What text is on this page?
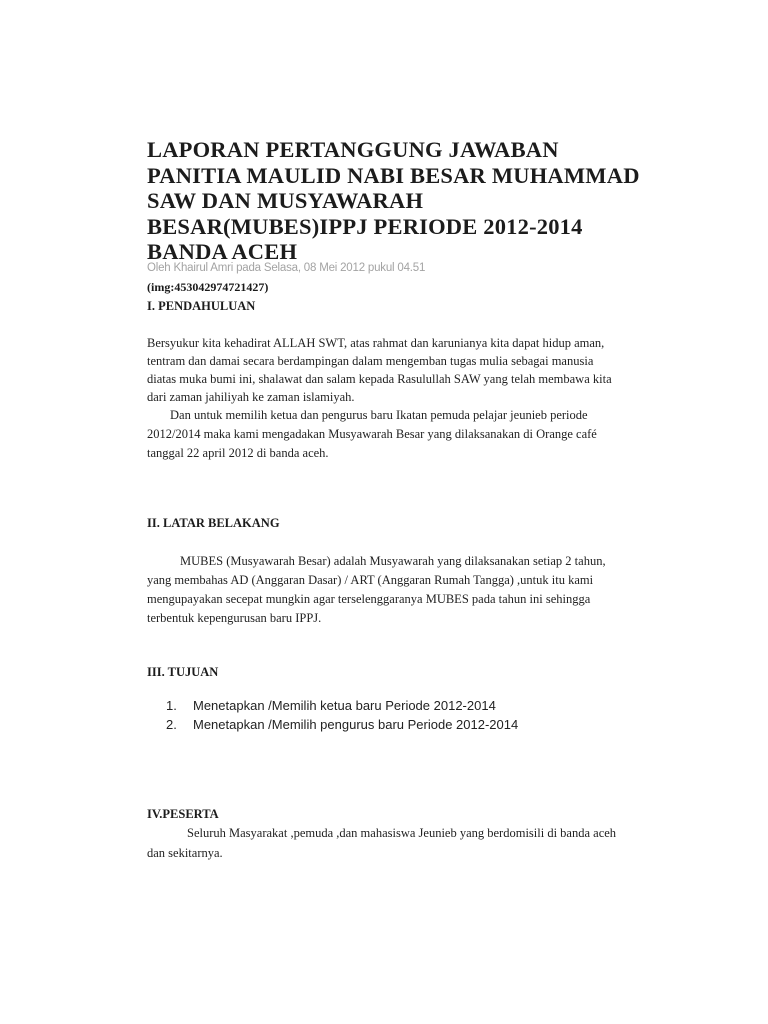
LAPORAN PERTANGGUNG JAWABAN
PANITIA MAULID NABI BESAR MUHAMMAD
SAW DAN MUSYAWARAH
BESAR(MUBES)IPPJ PERIODE 2012-2014
BANDA ACEH
Oleh Khairul Amri pada Selasa, 08 Mei 2012 pukul 04.51
(img:453042974721427)
I. PENDAHULUAN
Bersyukur kita kehadirat ALLAH SWT, atas rahmat dan karunianya kita dapat hidup aman,
tentram dan damai secara berdampingan dalam mengemban tugas mulia sebagai manusia
diatas muka bumi ini, shalawat dan salam kepada Rasulullah SAW yang telah membawa kita
dari zaman jahiliyah ke zaman islamiyah.
Dan untuk memilih ketua dan pengurus baru Ikatan pemuda pelajar jeunieb periode
2012/2014 maka kami mengadakan Musyawarah Besar yang dilaksanakan di Orange café
tanggal 22 april 2012 di banda aceh.
II. LATAR BELAKANG
MUBES (Musyawarah Besar) adalah Musyawarah yang dilaksanakan setiap 2 tahun,
yang membahas AD (Anggaran Dasar) / ART (Anggaran Rumah Tangga) ,untuk itu kami
mengupayakan secepat mungkin agar terselenggaranya MUBES pada tahun ini sehingga
terbentuk kepengurusan baru IPPJ.
III. TUJUAN
1. Menetapkan /Memilih ketua baru Periode 2012-2014
2. Menetapkan /Memilih pengurus baru Periode 2012-2014
IV.PESERTA
Seluruh Masyarakat ,pemuda ,dan mahasiswa Jeunieb yang berdomisili di banda aceh
dan sekitarnya.
